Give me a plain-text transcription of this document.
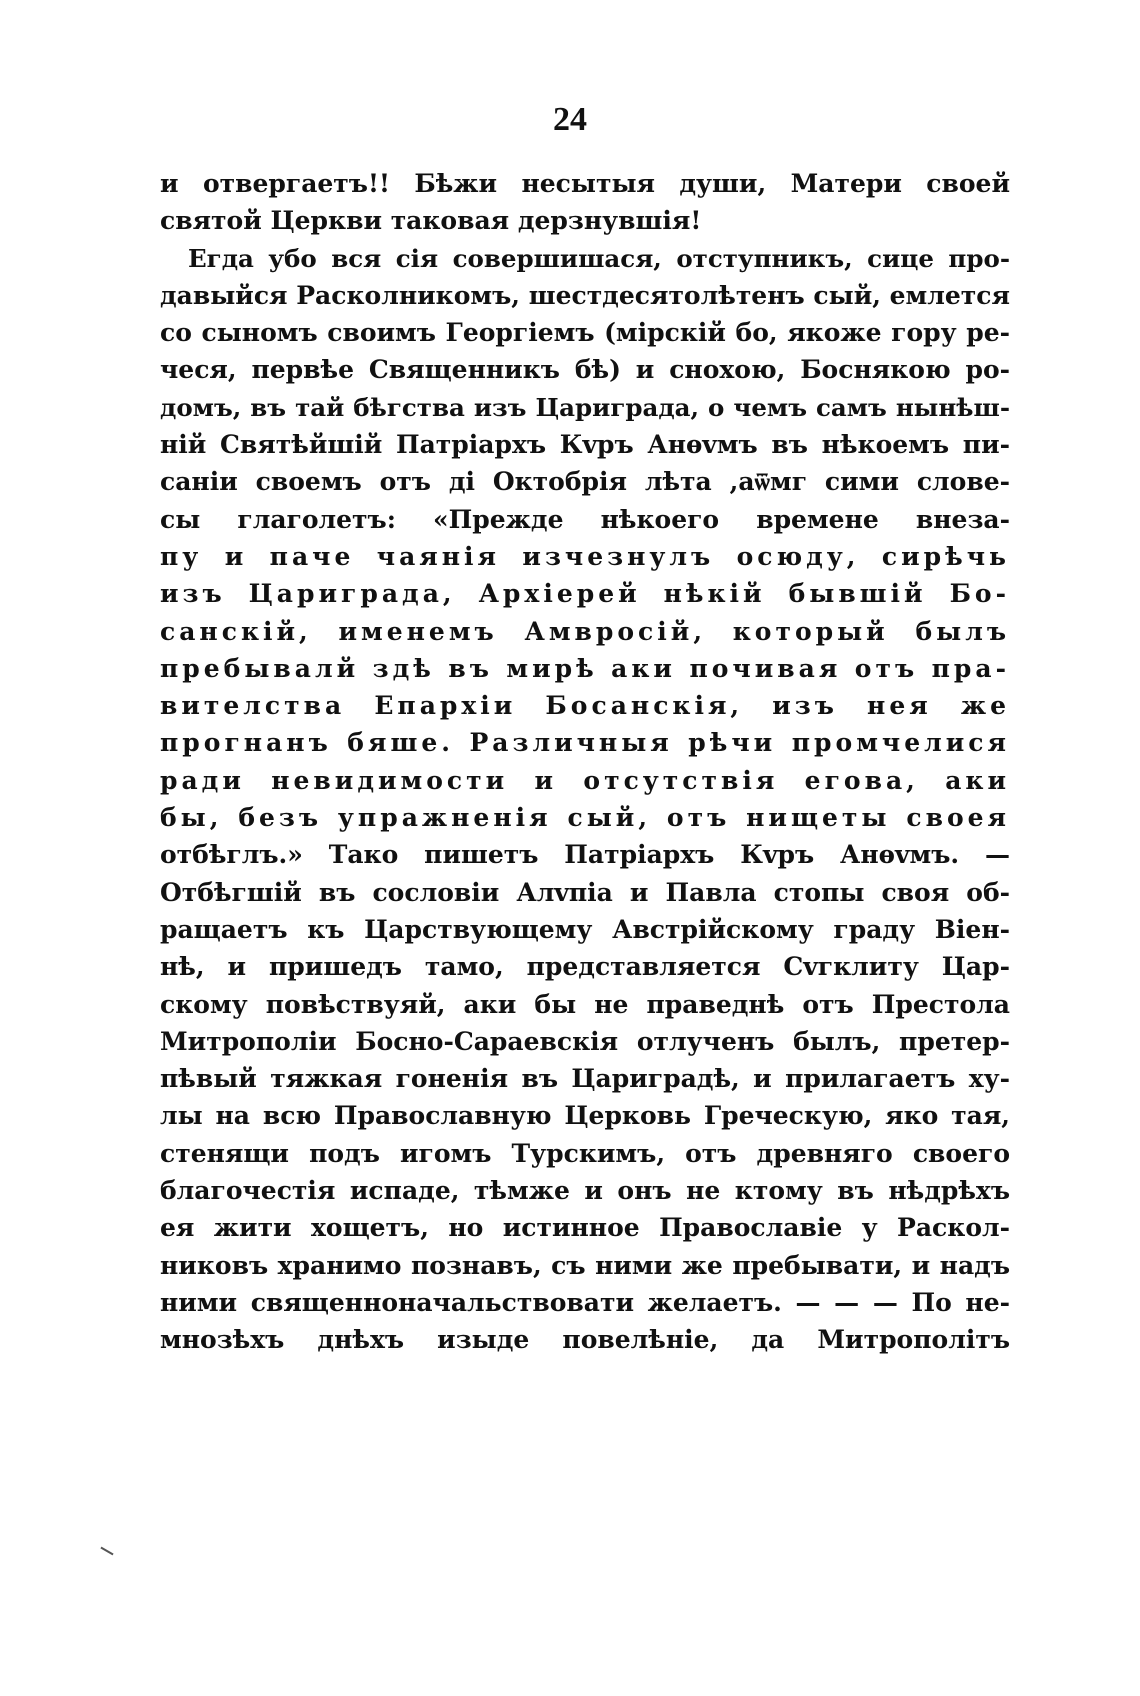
24
и отвергаетъ!! Бѣжи несытыя души, Матери своей
святой Церкви таковая дерзнувшія!
Егда убо вся сія совершишася, отступникъ, сице про-
давыйся Расколникомъ, шестдесятолѣтенъ сый, емлется
со сыномъ своимъ Георгіемъ (мірскій бо, якоже гору ре-
чеся, первѣе Священникъ бѣ) и снохою, Боснякою ро-
домъ, въ тай бѣгства изъ Цариграда, о чемъ самъ нынѣш-
ній Святѣйшій Патріархъ Кvръ Анѳvмъ въ нѣкоемъ пи-
саніи своемъ отъ ді Октобрія лѣта ,аѿмг сими слове-
сы глаголетъ: «Прежде нѣкоего времене внеза-
пу и паче чаянія изчезнулъ осюду, сирѣчь
изъ Цариграда, Архіерей нѣкій бывшій Бо-
санскій, именемъ Амвросій, который былъ
пребывалй здѣ въ мирѣ аки почивая отъ пра-
вителства Епархіи Босанскія, изъ нея же
прогнанъ бяше. Различныя рѣчи промчелися
ради невидимости и отсутствія егова, аки
бы, безъ упражненія сый, отъ нищеты своея
отбѣглъ.» Тако пишетъ Патріархъ Кvръ Анѳvмъ. —
Отбѣгшій въ сословіи Алvпіа и Павла стопы своя об-
ращаетъ къ Царствующему Австрійскому граду Віен-
нѣ, и пришедъ тамо, представляется Сvгклиту Цар-
скому повѣствуяй, аки бы не праведнѣ отъ Престола
Митрополіи Босно-Сараевскія отлученъ былъ, претер-
пѣвый тяжкая гоненія въ Цариградѣ, и прилагаетъ ху-
лы на всю Православную Церковь Греческую, яко тая,
стенящи подъ игомъ Турскимъ, отъ древняго своего
благочестія испаде, тѣмже и онъ не ктому въ нѣдрѣхъ
ея жити хощетъ, но истинное Православіе у Раскол-
никовъ хранимо познавъ, съ ними же пребывати, и надъ
ними священноначальствовати желаетъ. — — — По не-
мнозѣхъ днѣхъ изыде повелѣніе, да Митрополітъ
